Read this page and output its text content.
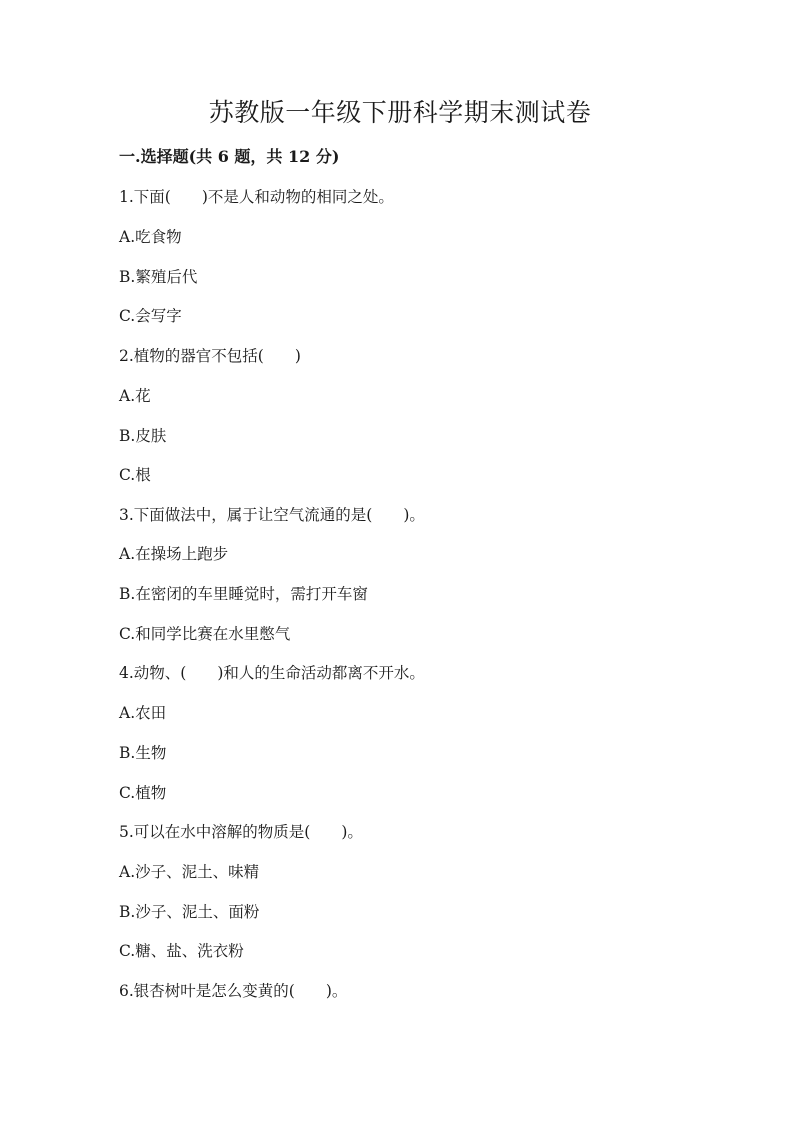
苏教版一年级下册科学期末测试卷
一.选择题(共 6 题，共 12 分)
1.下面(　　)不是人和动物的相同之处。
A.吃食物
B.繁殖后代
C.会写字
2.植物的器官不包括(　　)
A.花
B.皮肤
C.根
3.下面做法中，属于让空气流通的是(　　)。
A.在操场上跑步
B.在密闭的车里睡觉时，需打开车窗
C.和同学比赛在水里憋气
4.动物、(　　)和人的生命活动都离不开水。
A.农田
B.生物
C.植物
5.可以在水中溶解的物质是(　　)。
A.沙子、泥土、味精
B.沙子、泥土、面粉
C.糖、盐、洗衣粉
6.银杏树叶是怎么变黄的(　　)。
